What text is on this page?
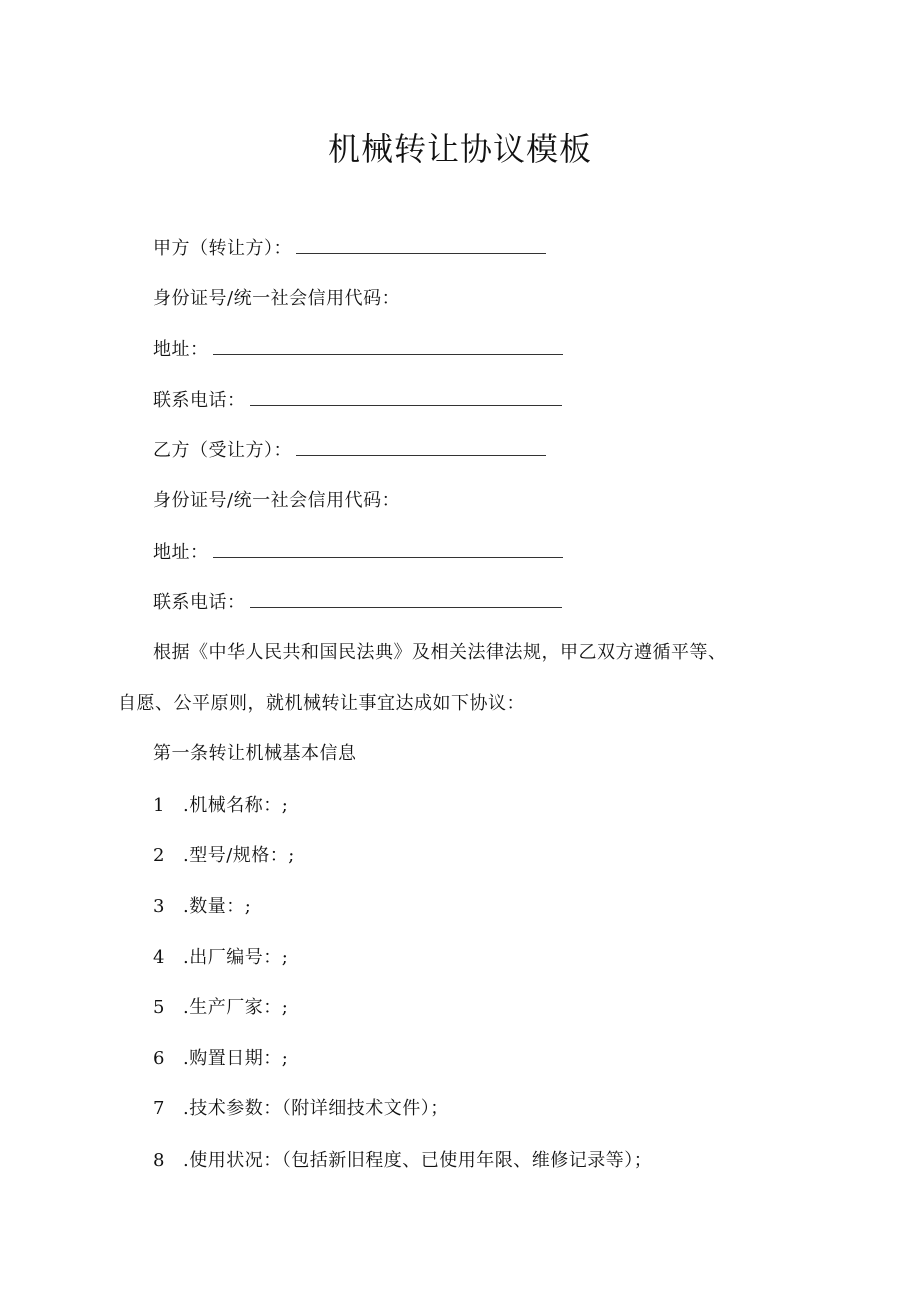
机械转让协议模板
甲方（转让方）：
身份证号/统一社会信用代码：
地址：
联系电话：
乙方（受让方）：
身份证号/统一社会信用代码：
地址：
联系电话：
根据《中华人民共和国民法典》及相关法律法规，甲乙双方遵循平等、
自愿、公平原则，就机械转让事宜达成如下协议：
第一条转让机械基本信息
1 .机械名称：;
2 .型号/规格：;
3 .数量：;
4 .出厂编号：;
5 .生产厂家：;
6 .购置日期：;
7 .技术参数：（附详细技术文件）；
8 .使用状况：（包括新旧程度、已使用年限、维修记录等）；
